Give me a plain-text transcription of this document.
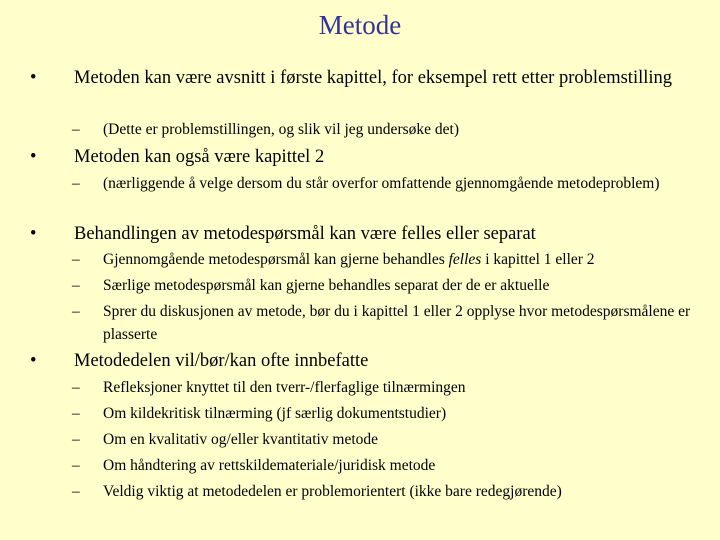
Metode
• Metoden kan være avsnitt i første kapittel, for eksempel rett etter problemstilling
– (Dette er problemstillingen, og slik vil jeg undersøke det)
• Metoden kan også være kapittel 2
– (nærliggende å velge dersom du står overfor omfattende gjennomgående metodeproblem)
• Behandlingen av metodespørsmål kan være felles eller separat
– Gjennomgående metodespørsmål kan gjerne behandles felles i kapittel 1 eller 2
– Særlige metodespørsmål kan gjerne behandles separat der de er aktuelle
– Sprer du diskusjonen av metode, bør du i kapittel 1 eller 2 opplyse hvor metodespørsmålene er plasserte
• Metodedelen vil/bør/kan ofte innbefatte
– Refleksjoner knyttet til den tverr-/flerfaglige tilnærmingen
– Om kildekritisk tilnærming (jf særlig dokumentstudier)
– Om en kvalitativ og/eller kvantitativ metode
– Om håndtering av rettskildemateriale/juridisk metode
– Veldig viktig at metodedelen er problemorientert (ikke bare redegjørende)
